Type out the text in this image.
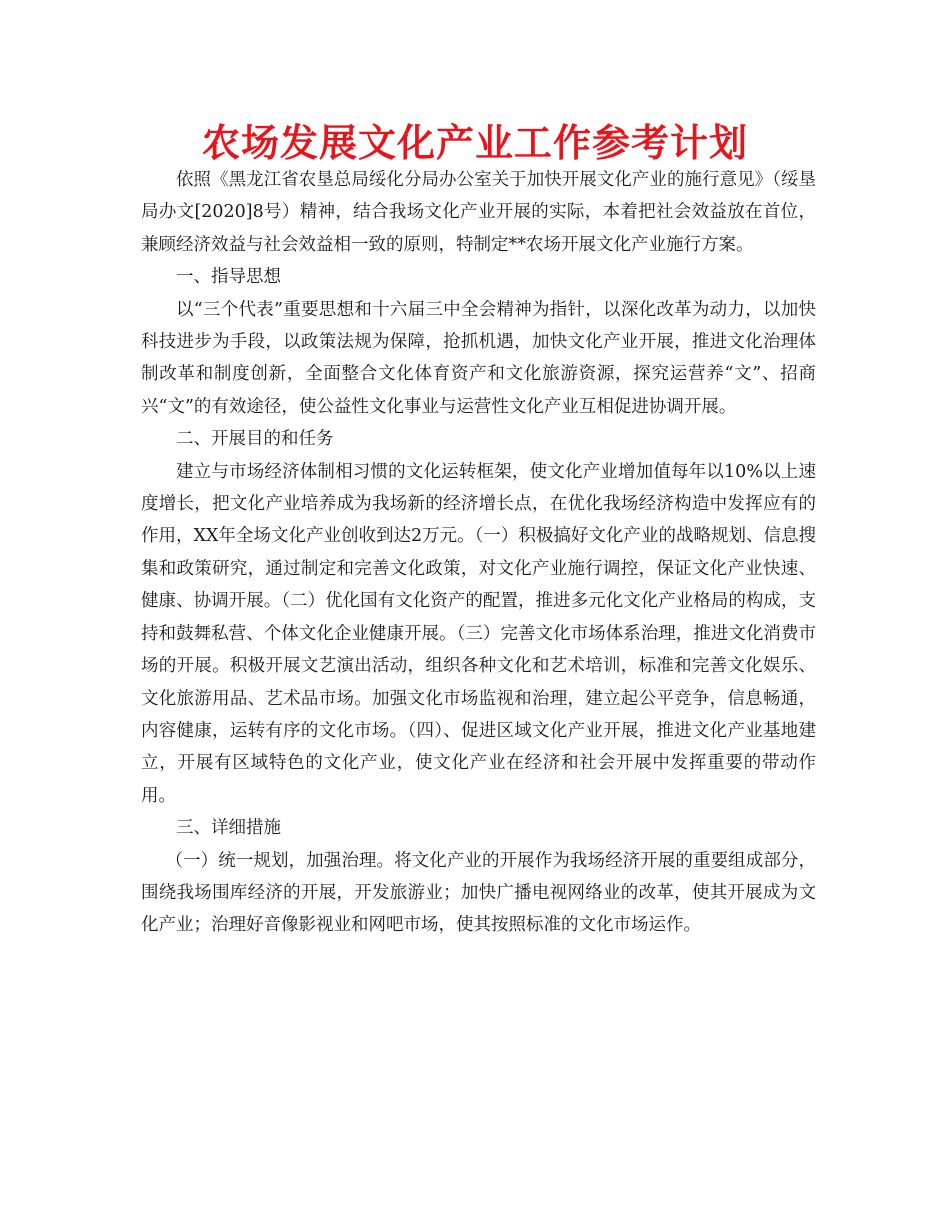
农场发展文化产业工作参考计划

依照《黑龙江省农垦总局绥化分局办公室关于加快开展文化产业的施行意见》（绥垦局办文[2020]8号）精神，结合我场文化产业开展的实际，本着把社会效益放在首位，兼顾经济效益与社会效益相一致的原则，特制定**农场开展文化产业施行方案。

一、指导思想

以“三个代表”重要思想和十六届三中全会精神为指针，以深化改革为动力，以加快科技进步为手段，以政策法规为保障，抢抓机遇，加快文化产业开展，推进文化治理体制改革和制度创新，全面整合文化体育资产和文化旅游资源，探究运营养“文”、招商兴“文”的有效途径，使公益性文化事业与运营性文化产业互相促进协调开展。

二、开展目的和任务

建立与市场经济体制相习惯的文化运转框架，使文化产业增加值每年以10%以上速度增长，把文化产业培养成为我场新的经济增长点，在优化我场经济构造中发挥应有的作用，XX年全场文化产业创收到达2万元。（一）积极搞好文化产业的战略规划、信息搜集和政策研究，通过制定和完善文化政策，对文化产业施行调控，保证文化产业快速、健康、协调开展。（二）优化国有文化资产的配置，推进多元化文化产业格局的构成，支持和鼓舞私营、个体文化企业健康开展。（三）完善文化市场体系治理，推进文化消费市场的开展。积极开展文艺演出活动，组织各种文化和艺术培训，标准和完善文化娱乐、文化旅游用品、艺术品市场。加强文化市场监视和治理，建立起公平竞争，信息畅通，内容健康，运转有序的文化市场。（四）、促进区域文化产业开展，推进文化产业基地建立，开展有区域特色的文化产业，使文化产业在经济和社会开展中发挥重要的带动作用。

三、详细措施

（一）统一规划，加强治理。将文化产业的开展作为我场经济开展的重要组成部分，围绕我场围库经济的开展，开发旅游业；加快广播电视网络业的改革，使其开展成为文化产业；治理好音像影视业和网吧市场，使其按照标准的文化市场运作。
